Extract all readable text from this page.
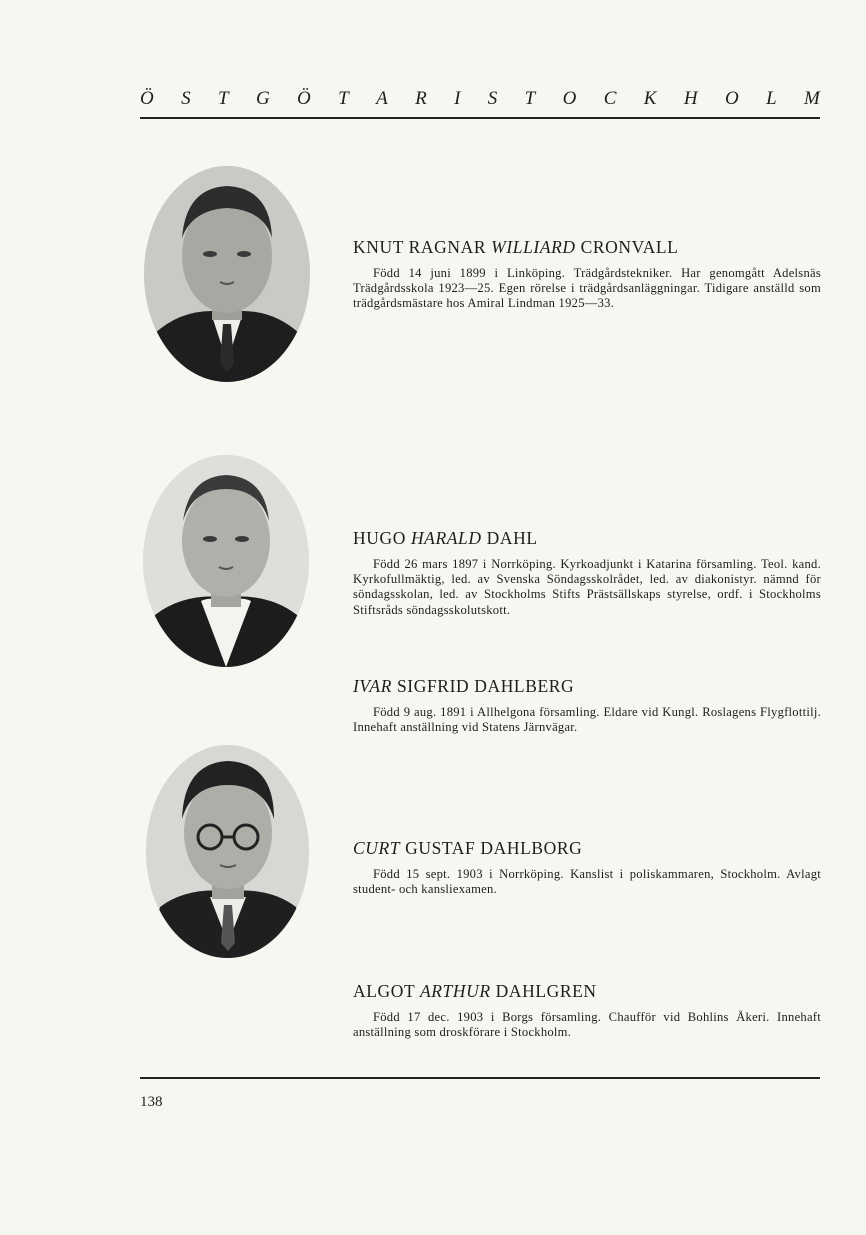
Ö S T G Ö T A R I S T O C K H O L M
KNUT RAGNAR WILLIARD CRONVALL

Född 14 juni 1899 i Linköping. Trädgårdstekniker. Har genomgått Adelsnäs Trädgårdsskola 1923—25. Egen rörelse i trädgårdsanläggningar. Tidigare anställd som trädgårdsmästare hos Amiral Lindman 1925—33.

HUGO HARALD DAHL

Född 26 mars 1897 i Norrköping. Kyrkoadjunkt i Katarina församling. Teol. kand. Kyrkofullmäktig, led. av Svenska Söndagsskolrådet, led. av diakonistyr. nämnd för söndagsskolan, led. av Stockholms Stifts Prästsällskaps styrelse, ordf. i Stockholms Stiftsråds söndagsskolutskott.

IVAR SIGFRID DAHLBERG

Född 9 aug. 1891 i Allhelgona församling. Eldare vid Kungl. Roslagens Flygflottilj. Innehaft anställning vid Statens Järnvägar.

CURT GUSTAF DAHLBORG

Född 15 sept. 1903 i Norrköping. Kanslist i poliskammaren, Stockholm. Avlagt student- och kansliexamen.

ALGOT ARTHUR DAHLGREN

Född 17 dec. 1903 i Borgs församling. Chaufför vid Bohlins Åkeri. Innehaft anställning som droskförare i Stockholm.

138
